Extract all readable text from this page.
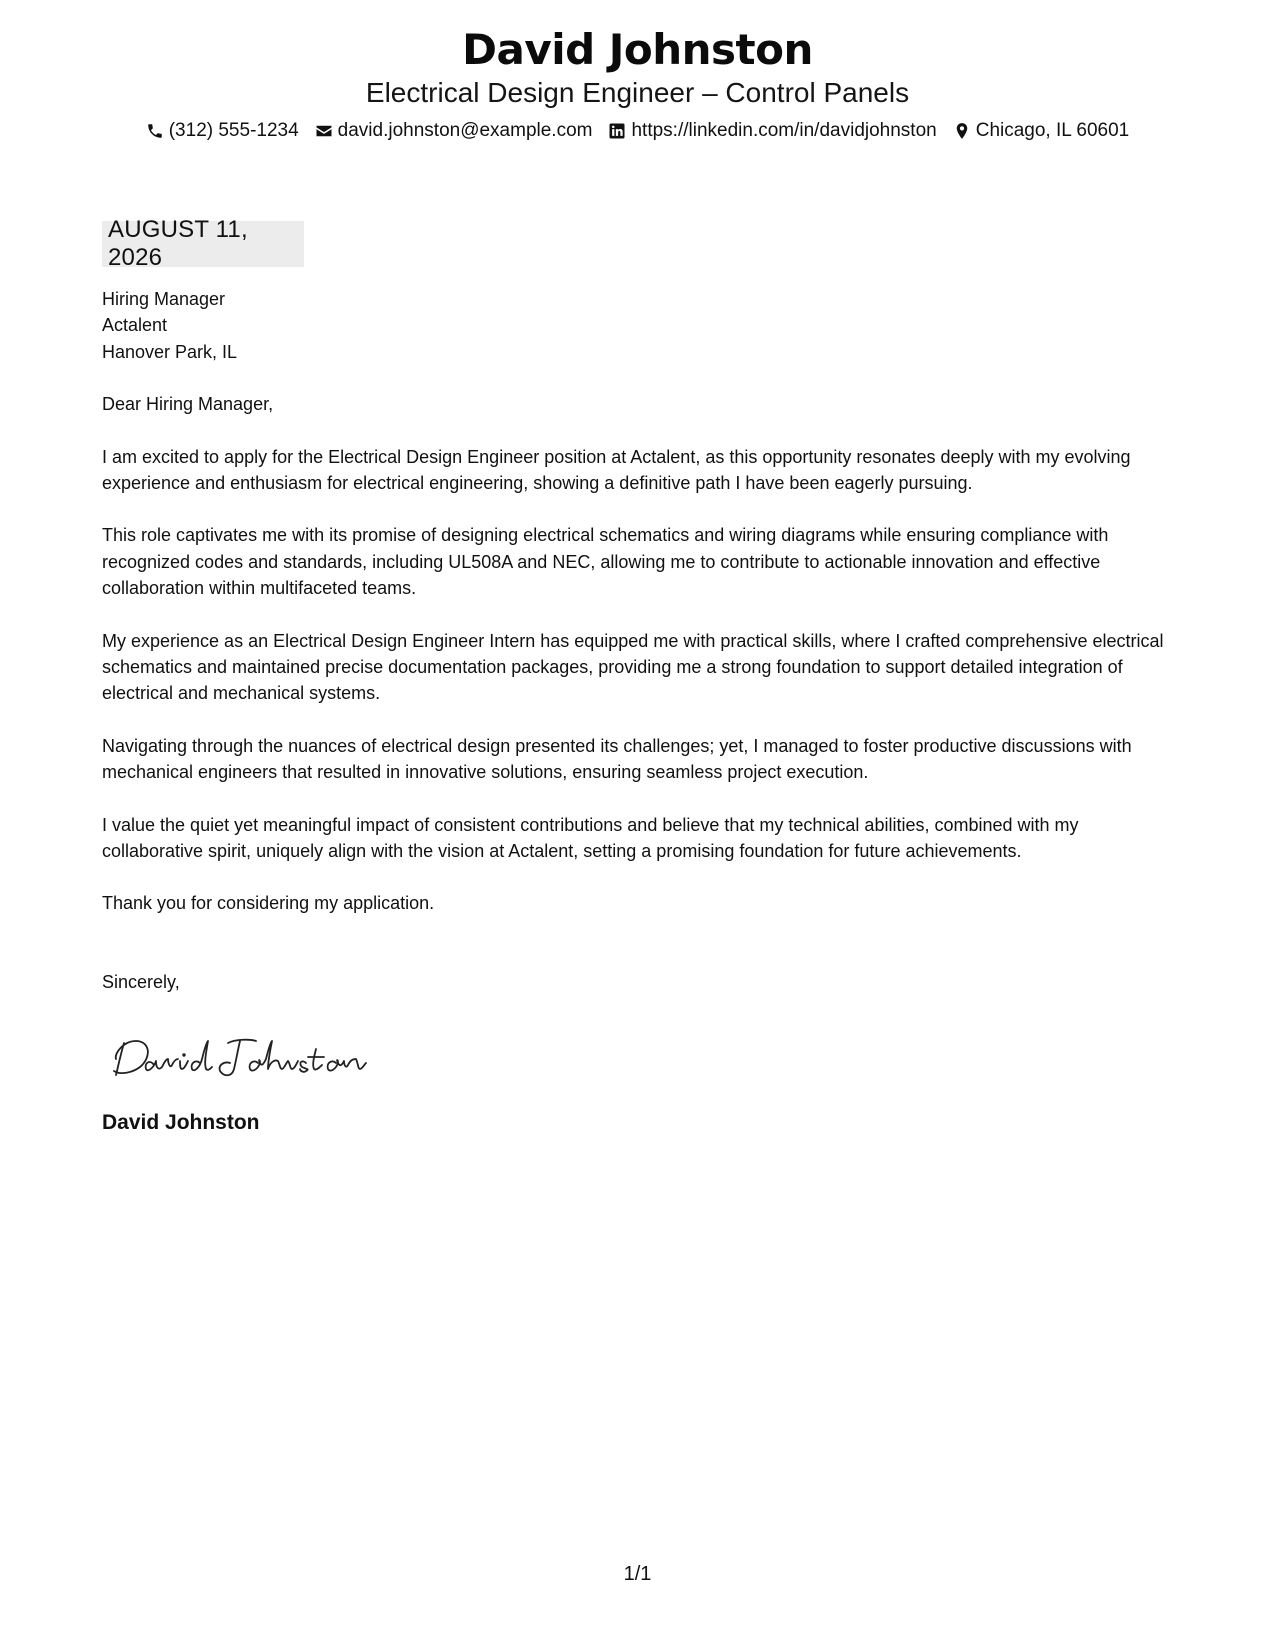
David Johnston
Electrical Design Engineer – Control Panels
(312) 555-1234 david.johnston@example.com https://linkedin.com/in/davidjohnston Chicago, IL 60601
AUGUST 11, 2026
Hiring Manager
Actalent
Hanover Park, IL
Dear Hiring Manager,
I am excited to apply for the Electrical Design Engineer position at Actalent, as this opportunity resonates deeply with my evolving experience and enthusiasm for electrical engineering, showing a definitive path I have been eagerly pursuing.
This role captivates me with its promise of designing electrical schematics and wiring diagrams while ensuring compliance with recognized codes and standards, including UL508A and NEC, allowing me to contribute to actionable innovation and effective collaboration within multifaceted teams.
My experience as an Electrical Design Engineer Intern has equipped me with practical skills, where I crafted comprehensive electrical schematics and maintained precise documentation packages, providing me a strong foundation to support detailed integration of electrical and mechanical systems.
Navigating through the nuances of electrical design presented its challenges; yet, I managed to foster productive discussions with mechanical engineers that resulted in innovative solutions, ensuring seamless project execution.
I value the quiet yet meaningful impact of consistent contributions and believe that my technical abilities, combined with my collaborative spirit, uniquely align with the vision at Actalent, setting a promising foundation for future achievements.
Thank you for considering my application.
Sincerely,
David Johnston
1/1
